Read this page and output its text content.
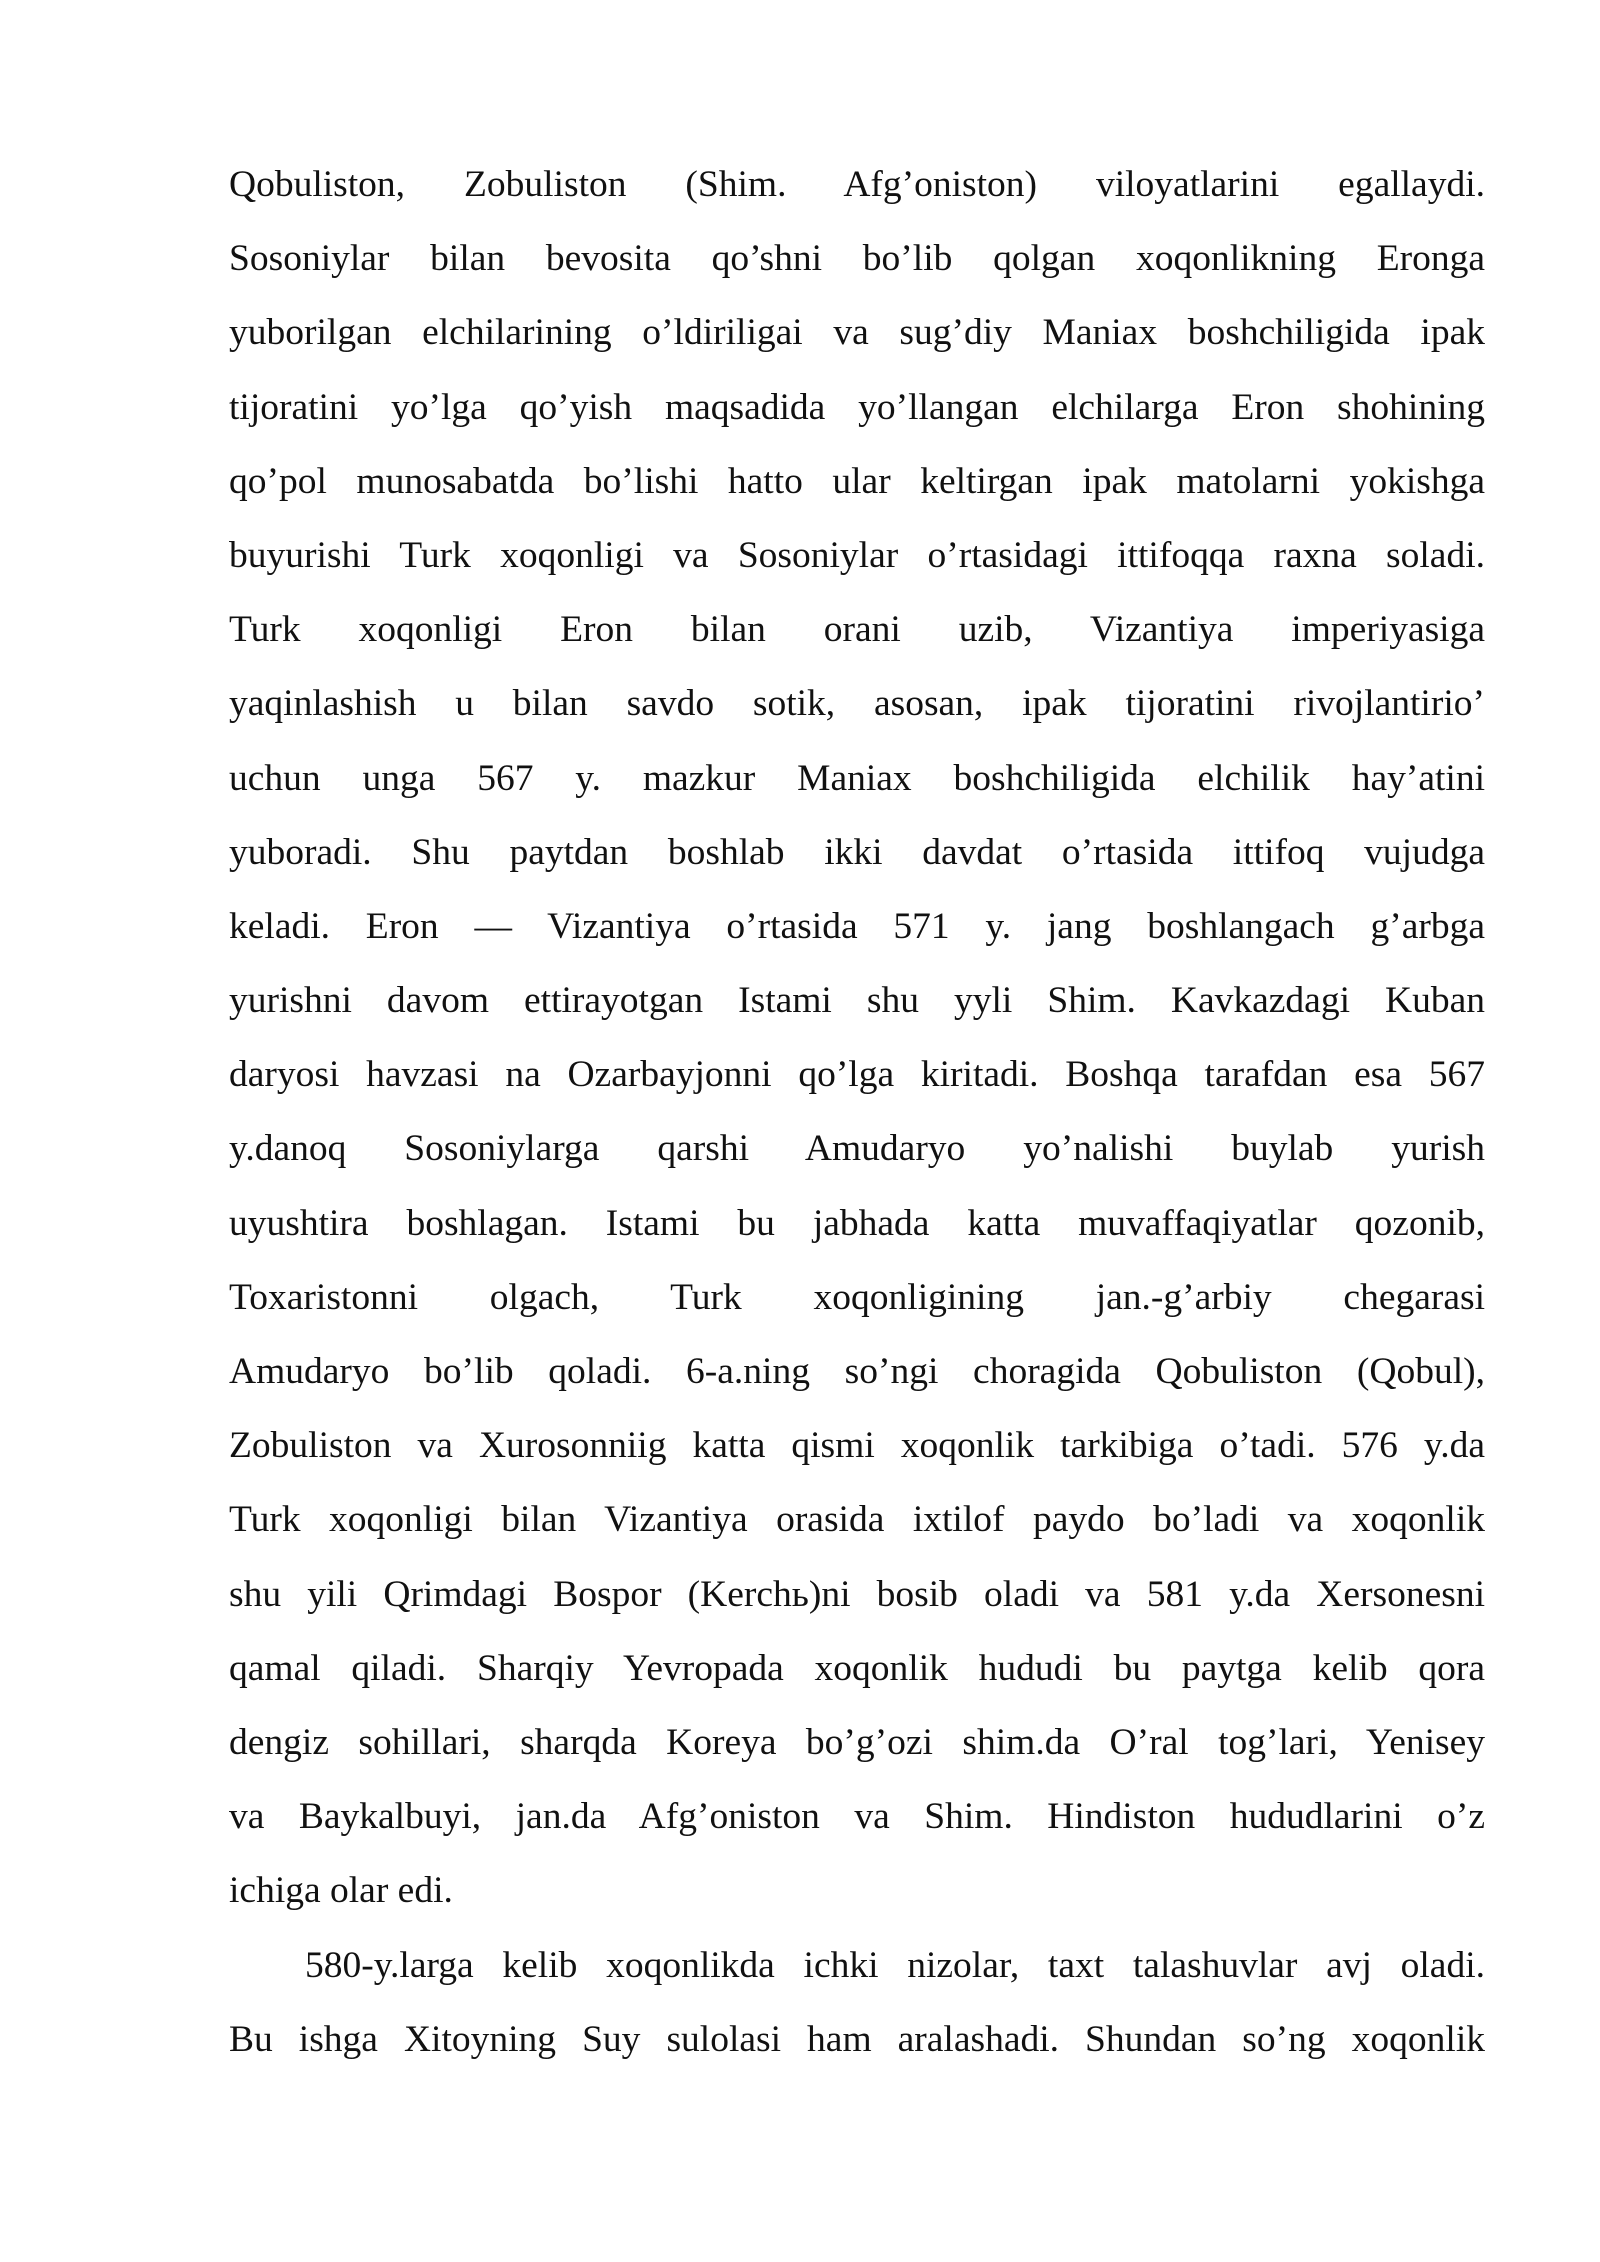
Qobuliston, Zobuliston (Shim. Afg’oniston) viloyatlarini egallaydi.
Sosoniylar bilan bevosita qo’shni bo’lib qolgan xoqonlikning Eronga
yuborilgan elchilarining o’ldiriligai va sug’diy Maniax boshchiligida ipak
tijoratini yo’lga qo’yish maqsadida yo’llangan elchilarga Eron shohining
qo’pol munosabatda bo’lishi hatto ular keltirgan ipak matolarni yokishga
buyurishi Turk xoqonligi va Sosoniylar o’rtasidagi ittifoqqa raxna soladi.
Turk xoqonligi Eron bilan orani uzib, Vizantiya imperiyasiga
yaqinlashish u bilan savdo sotik, asosan, ipak tijoratini rivojlantirio’
uchun unga 567 y. mazkur Maniax boshchiligida elchilik hay’atini
yuboradi. Shu paytdan boshlab ikki davdat o’rtasida ittifoq vujudga
keladi. Eron — Vizantiya o’rtasida 571 y. jang boshlangach g’arbga
yurishni davom ettirayotgan Istami shu yyli Shim. Kavkazdagi Kuban
daryosi havzasi na Ozarbayjonni qo’lga kiritadi. Boshqa tarafdan esa 567
y.danoq Sosoniylarga qarshi Amudaryo yo’nalishi buylab yurish
uyushtira boshlagan. Istami bu jabhada katta muvaffaqiyatlar qozonib,
Toxaristonni olgach, Turk xoqonligining jan.-g’arbiy chegarasi
Amudaryo bo’lib qoladi. 6-a.ning so’ngi choragida Qobuliston (Qobul),
Zobuliston va Xurosonniig katta qismi xoqonlik tarkibiga o’tadi. 576 y.da
Turk xoqonligi bilan Vizantiya orasida ixtilof paydo bo’ladi va xoqonlik
shu yili Qrimdagi Bospor (Kerchь)ni bosib oladi va 581 y.da Xersonesni
qamal qiladi. Sharqiy Yevropada xoqonlik hududi bu paytga kelib qora
dengiz sohillari, sharqda Koreya bo’g’ozi shim.da O’ral tog’lari, Yenisey
va Baykalbuyi, jan.da Afg’oniston va Shim. Hindiston hududlarini o’z
ichiga olar edi.

580-y.larga kelib xoqonlikda ichki nizolar, taxt talashuvlar avj oladi.
Bu ishga Xitoyning Suy sulolasi ham aralashadi. Shundan so’ng xoqonlik
